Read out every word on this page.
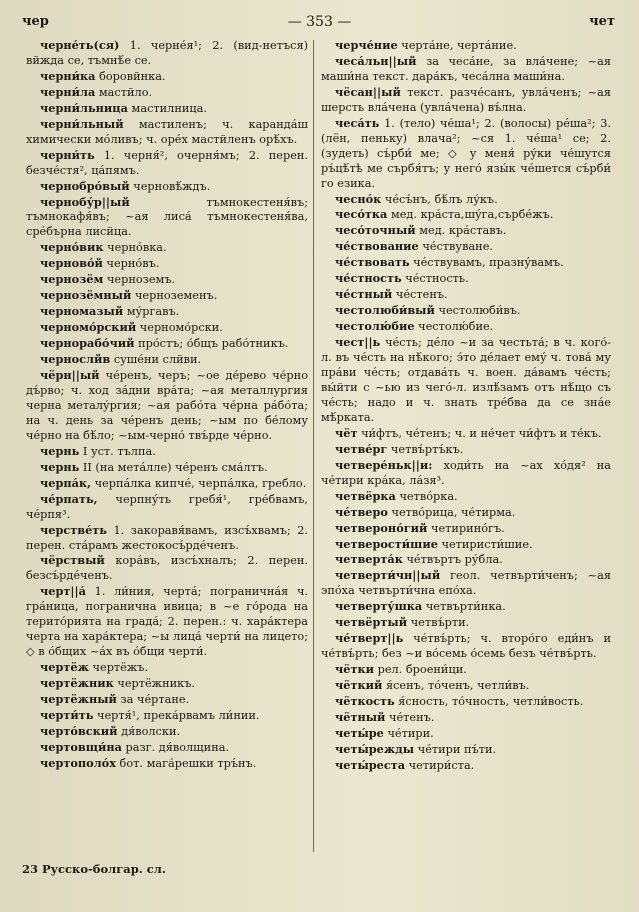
чер	— 353 —	чет

черне́ть(ся) 1. черне́я¹; 2. (вид-нетъся) вйжда се, тъмнѣ́е се.

черни́ка боровйнка.

черни́ла мастйло.

черни́льница мастилница.

черни́льный мастиленъ; ч. каранда́ш химически мо́ливъ; ч. оре́х мастйленъ орѣ́хъ.

черни́ть 1. черня́², очерня́мъ; 2. перен. безче́стя², ца́пямъ.

чернобро́вый черновѣ́ждъ.

чернобу́р||ый	тъмнокестеня́въ; тъмнокафя́въ; ~ая лиса́ тъмнокестеня́ва, сре́бърна лисйца.

черно́вик черно́вка.

черново́й черно́въ.

чернозём черноземъ.

чернозёмный черноземенъ.

черномазый му́ргавъ.

черномо́рский черномо́рски.

чернорабо́чий про́стъ; о́бщъ рабо́тникъ.

чернослйв суше́ни слйви.

чёрн||ый че́ренъ, черъ; ~ое де́рево че́рно дъ́рво; ч. ход за́дни вра́та; ~ая металлургия черна металу́ргия; ~ая рабо́та че́рна ра́бо́та; на ч. день за че́ренъ день; ~ым по бе́лому че́рно на бѣ́ло; ~ым-черно́ твъ́рде че́рно.

чернь I уст. тълпа.

чернь II (на метáлле) че́ренъ сма́лтъ.

черпа́к, черпа́лка кипче́, черпа́лка, гребло.

че́рпать, черпну́ть гребя́¹, гре́бвамъ, че́рпя³.

черстве́ть 1. закоравя́вамъ, изсъ́хвамъ; 2. перен. ста́рамъ жестокосъ́рде́ченъ.

чёрствый кора́въ, изсъ́хналъ; 2. перен. безсъ́рде́ченъ.

черт||а́ 1. ли́ния, черта́; погранична́я ч. гра́ница, погранична ивица; в ~е го́рода на терито́рията на града́; 2. перен.: ч. хара́ктера черта на хара́ктера; ~ы лица́ черти́ на лицето; ◇ в о́бщих ~áх въ о́бщи черти́.

чертёж чертёжъ.

чертёжник чертёжникъ.

чертёжный за че́ртане.

черти́ть чертя́¹, прека́рвамъ ли́нии.

черто́вский дя́волски.

чертовщи́на разг. дя́волщина.

чертополо́х бот. мага́решки тръ́нъ.

черче́ние черта́не, черта́ние.

чеса́льн||ый за чеса́не, за вла́чене; ~ая маши́на текст. дара́къ, чеса́лна маши́на.

чёсан||ый текст. разче́санъ, увла́ченъ; ~ая шерсть вла́чена (увла́чена) въ́лна.

чеса́ть 1. (тело) че́ша¹; 2. (волосы) ре́ша²; 3. (лён, пеньку) влача²; ~ся 1. че́ша¹ се; 2. (зудеть) съ́рби́ ме; ◇ у меня́ ру́ки че́шутся ръ́цѣ́тѣ ме сърбя́тъ; у него́ язы́к че́шется съ́рби́ го езика.

чесно́к че́съ́нъ, бѣ́лъ лу́къ.

чесо́тка мед. кра́ста,шу́га,сърбе́жъ.

чесо́точный мед. кра́ставъ.

че́ствование че́ствуване.

че́ствовать че́ствувамъ, празну́вамъ.

че́стность че́стность.

че́стный че́стенъ.

честолюби́вый честолюби́въ.

честолю́бие честолю́бие.

чест||ь че́сть; де́ло ~и за честьта́; в ч. кого́-л. въ че́сть на нѣ́кого; э́то де́лает ему́ ч. това́ му пра́ви че́сть; отдава́ть ч. воен. да́вамъ че́сть; вы́йти с ~ью из чего́-л. излѣ́замъ отъ нѣ́що съ че́сть; надо и ч. знать тре́бва да се зна́е мѣ́рката.

чёт чи́фтъ, че́тенъ; ч. и не́чет чи́фтъ и те́къ.

четве́рг четвъ́ртъ́къ.

четвере́ньк||и: ходи́ть на ~ах хо́дя² на че́тири кра́ка, ла́зя³.

четвёрка четвóрка.

че́тверо четво́рица, че́тирма.

четвероно́гий четирино́гъ.

четверости́шие четиристи́шие.

четверта́к че́твъртъ ру́бла.

четверти́чн||ый геол. четвърти́ченъ; ~ая эпо́ха четвърти́чна епо́ха.

четверту́шка четвърти́нка.

четвёртый четвъ́рти.

че́тверт||ь че́твъ́рть; ч. второ́го еди́нъ и че́твъ́рть; без ~и во́семь о́семь безъ че́твъ́рть.

чётки рел. броени́ци.

чёткий я́сенъ, то́ченъ, четли́въ.

чёткость я́сность, то́чность, четли́вость.

чётный че́тенъ.

четы́ре че́тири.

четы́режды че́тири пъ́ти.

четы́реста четири́ста.

23 Русско-болгар. сл.
